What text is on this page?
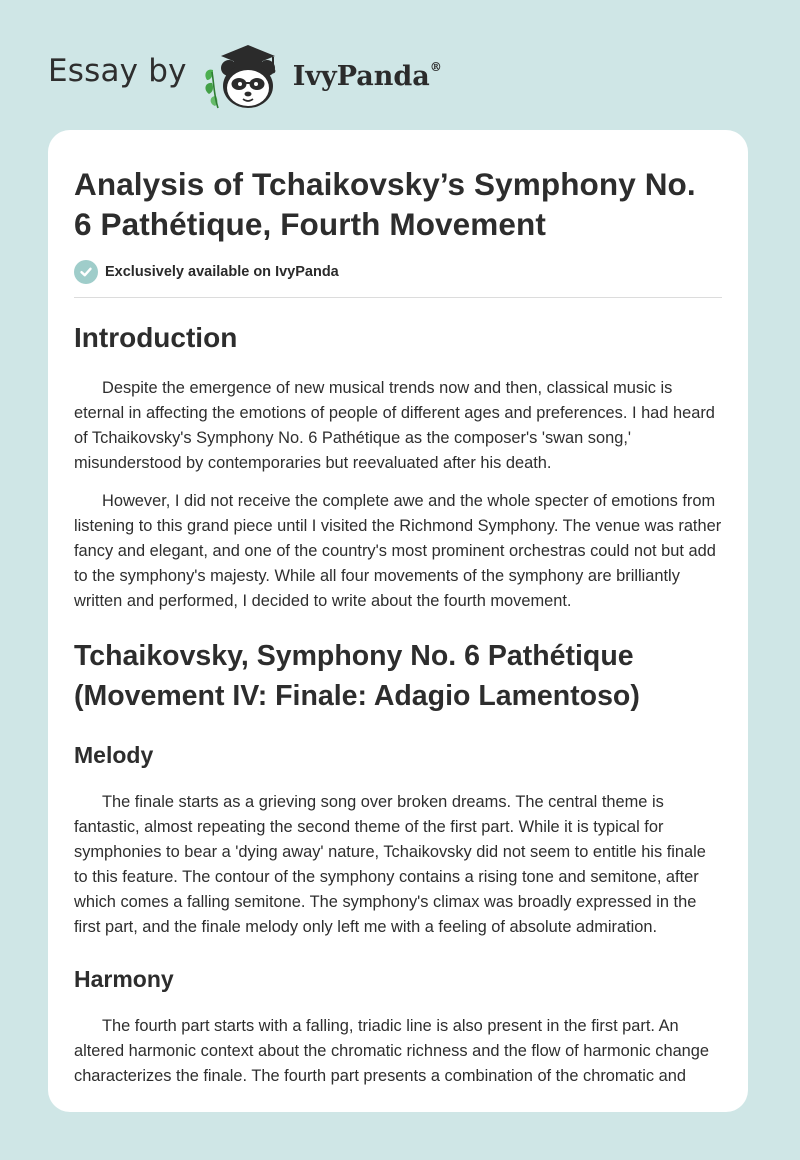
Essay by	IvyPanda®
Analysis of Tchaikovsky’s Symphony No. 6 Pathétique, Fourth Movement
Exclusively available on IvyPanda
Introduction

Despite the emergence of new musical trends now and then, classical music is eternal in affecting the emotions of people of different ages and preferences. I had heard of Tchaikovsky's Symphony No. 6 Pathétique as the composer's 'swan song,' misunderstood by contemporaries but reevaluated after his death.

However, I did not receive the complete awe and the whole specter of emotions from listening to this grand piece until I visited the Richmond Symphony. The venue was rather fancy and elegant, and one of the country's most prominent orchestras could not but add to the symphony's majesty. While all four movements of the symphony are brilliantly written and performed, I decided to write about the fourth movement.

Tchaikovsky, Symphony No. 6 Pathétique (Movement IV: Finale: Adagio Lamentoso)
Melody

The finale starts as a grieving song over broken dreams. The central theme is fantastic, almost repeating the second theme of the first part. While it is typical for symphonies to bear a 'dying away' nature, Tchaikovsky did not seem to entitle his finale to this feature. The contour of the symphony contains a rising tone and semitone, after which comes a falling semitone. The symphony's climax was broadly expressed in the first part, and the finale melody only left me with a feeling of absolute admiration.

Harmony

The fourth part starts with a falling, triadic line is also present in the first part. An altered harmonic context about the chromatic richness and the flow of harmonic change characterizes the finale. The fourth part presents a combination of the chromatic and
